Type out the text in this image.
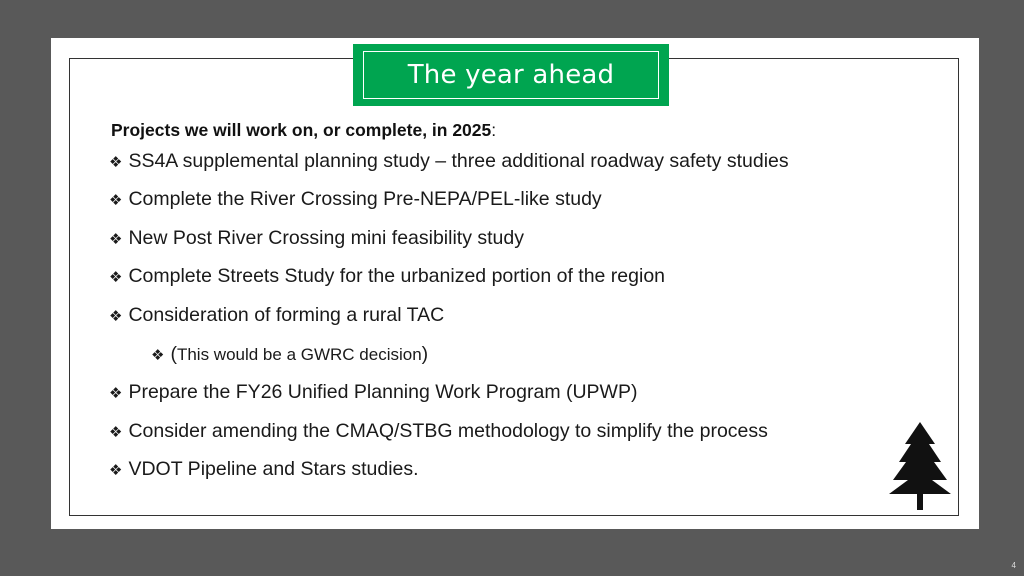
The year ahead
Projects we will work on, or complete, in 2025:
❖ SS4A supplemental planning study – three additional roadway safety studies
❖ Complete the River Crossing Pre-NEPA/PEL-like study
❖ New Post River Crossing mini feasibility study
❖ Complete Streets Study for the urbanized portion of the region
❖ Consideration of forming a rural TAC
❖ ( This would be a GWRC decision )
❖ Prepare the FY26 Unified Planning Work Program (UPWP)
❖ Consider amending the CMAQ/STBG methodology to simplify the process
❖ VDOT Pipeline and Stars studies.
4
